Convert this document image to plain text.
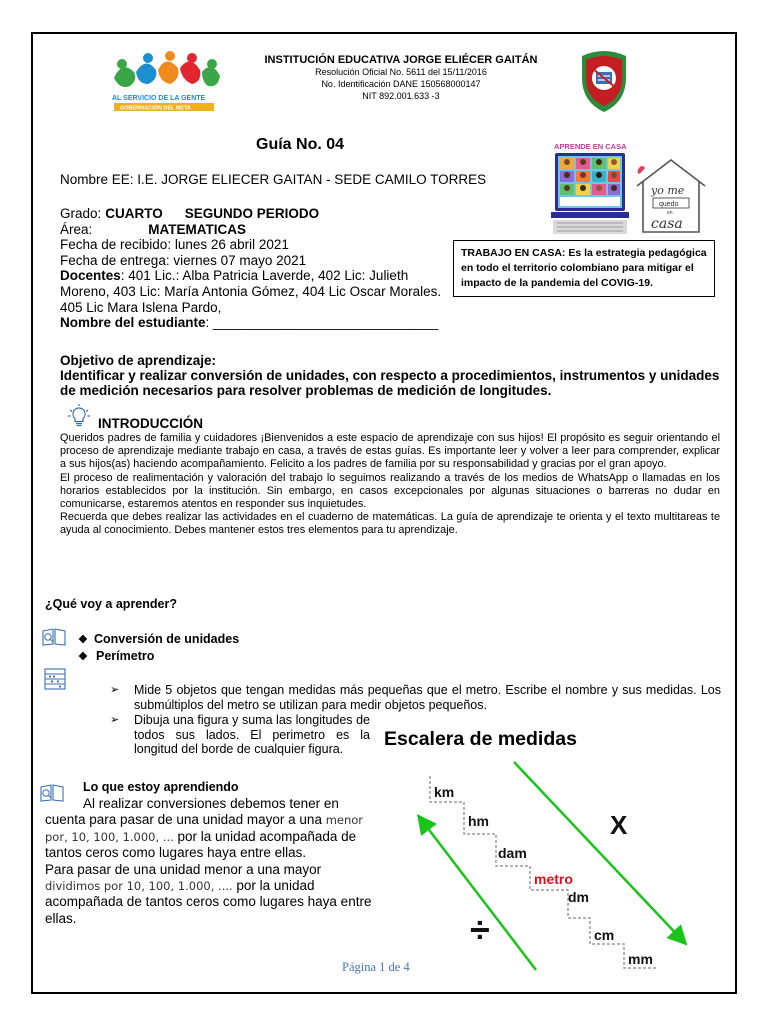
AL SERVICIO DE LA GENTE
GOBERNACIÓN DEL META
INSTITUCIÓN EDUCATIVA JORGE ELIÉCER GAITÁN
Resolución Oficial No. 5611 del 15/11/2016
No. Identificación DANE 150568000147
NIT 892.001.633 -3
Guía No. 04	APRENDE EN CASA
yo me
quedo
en
casa
Nombre EE: I.E. JORGE ELIECER GAITAN - SEDE CAMILO TORRES
Grado: CUARTO SEGUNDO PERIODO
Área:	MATEMATICAS
Fecha de recibido: lunes 26 abril 2021
Fecha de entrega: viernes 07 mayo 2021
Docentes: 401 Lic.: Alba Patricia Laverde, 402 Lic: Julieth Moreno, 403 Lic: María Antonia Gómez, 404 Lic Oscar Morales. 405 Lic Mara Islena Pardo,
Nombre del estudiante: ______________________________
TRABAJO EN CASA: Es la estrategia pedagógica en todo el territorio colombiano para mitigar el impacto de la pandemia del COVIG-19.
Objetivo de aprendizaje:
Identificar y realizar conversión de unidades, con respecto a procedimientos, instrumentos y unidades de medición necesarios para resolver problemas de medición de longitudes.
INTRODUCCIÓN

Queridos padres de familia y cuidadores ¡Bienvenidos a este espacio de aprendizaje con sus hijos! El propósito es seguir orientando el proceso de aprendizaje mediante trabajo en casa, a través de estas guías. Es importante leer y volver a leer para comprender, explicar a sus hijos(as) haciendo acompañamiento. Felicito a los padres de familia por su responsabilidad y gracias por el gran apoyo.

El proceso de realimentación y valoración del trabajo lo seguimos realizando a través de los medios de WhatsApp o llamadas en los horarios establecidos por la institución. Sin embargo, en casos excepcionales por algunas situaciones o barreras no dudar en comunicarse, estaremos atentos en responder sus inquietudes.

Recuerda que debes realizar las actividades en el cuaderno de matemáticas. La guía de aprendizaje te orienta y el texto multitareas te ayuda al conocimiento. Debes mantener estos tres elementos para tu aprendizaje.

¿Qué voy a aprender?
❖ Conversión de unidades
❖ Perímetro
➢ Mide 5 objetos que tengan medidas más pequeñas que el metro. Escribe el nombre y sus medidas. Los submúltiplos del metro se utilizan para medir objetos pequeños.
➢ Dibuja una figura y suma las longitudes de todos sus lados. El perimetro es la longitud del borde de cualquier figura.	Escalera de medidas
Lo que estoy aprendiendo

Al realizar conversiones debemos tener en cuenta para pasar de una unidad mayor a una menor por, 10, 100, 1.000, ... por la unidad acompañada de tantos ceros como lugares haya entre ellas.

Para pasar de una unidad menor a una mayor dividimos por 10, 100, 1.000, .... por la unidad acompañada de tantos ceros como lugares haya entre ellas.

km
hm
dam
metro
dm
cm
mm
X
÷
Página 1 de 4
